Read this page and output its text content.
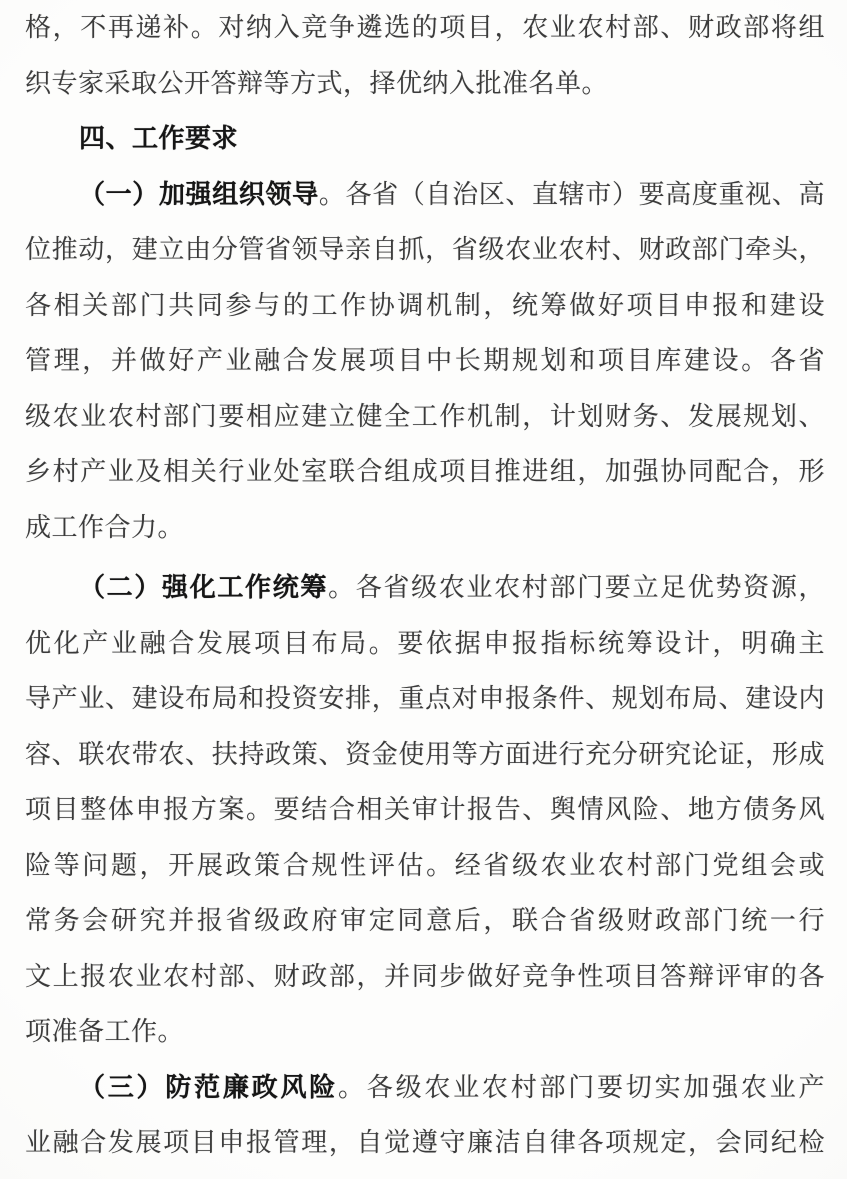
格，不再递补。对纳入竞争遴选的项目，农业农村部、财政部将组
织专家采取公开答辩等方式，择优纳入批准名单。
四、工作要求
（一）加强组织领导。各省（自治区、直辖市）要高度重视、高
位推动，建立由分管省领导亲自抓，省级农业农村、财政部门牵头，
各相关部门共同参与的工作协调机制，统筹做好项目申报和建设
管理，并做好产业融合发展项目中长期规划和项目库建设。各省
级农业农村部门要相应建立健全工作机制，计划财务、发展规划、
乡村产业及相关行业处室联合组成项目推进组，加强协同配合，形
成工作合力。
（二）强化工作统筹。各省级农业农村部门要立足优势资源，
优化产业融合发展项目布局。要依据申报指标统筹设计，明确主
导产业、建设布局和投资安排，重点对申报条件、规划布局、建设内
容、联农带农、扶持政策、资金使用等方面进行充分研究论证，形成
项目整体申报方案。要结合相关审计报告、舆情风险、地方债务风
险等问题，开展政策合规性评估。经省级农业农村部门党组会或
常务会研究并报省级政府审定同意后，联合省级财政部门统一行
文上报农业农村部、财政部，并同步做好竞争性项目答辩评审的各
项准备工作。
（三）防范廉政风险。各级农业农村部门要切实加强农业产
业融合发展项目申报管理，自觉遵守廉洁自律各项规定，会同纪检
